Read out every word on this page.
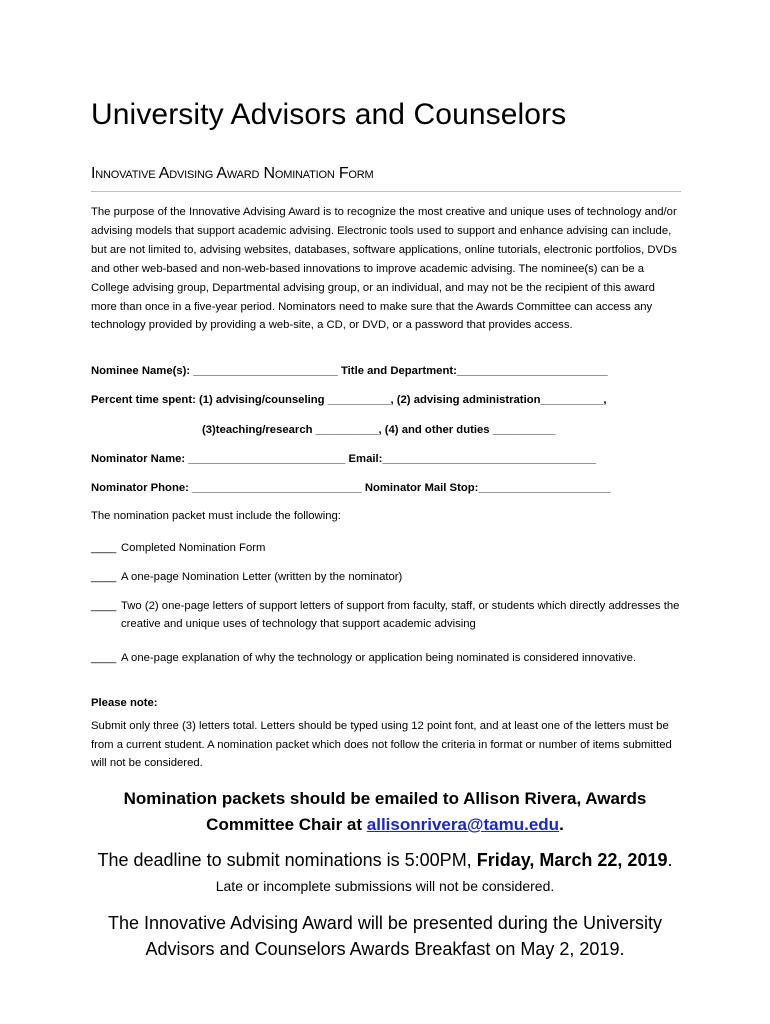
University Advisors and Counselors
Innovative Advising Award Nomination Form
The purpose of the Innovative Advising Award is to recognize the most creative and unique uses of technology and/or advising models that support academic advising. Electronic tools used to support and enhance advising can include, but are not limited to, advising websites, databases, software applications, online tutorials, electronic portfolios, DVDs and other web-based and non-web-based innovations to improve academic advising. The nominee(s) can be a College advising group, Departmental advising group, or an individual, and may not be the recipient of this award more than once in a five-year period. Nominators need to make sure that the Awards Committee can access any technology provided by providing a web-site, a CD, or DVD, or a password that provides access.
Nominee Name(s): _______________________ Title and Department:________________________
Percent time spent: (1) advising/counseling __________, (2) advising administration__________,
(3)teaching/research __________, (4) and other duties __________
Nominator Name: _________________________ Email:__________________________________
Nominator Phone: ___________________________ Nominator Mail Stop:_____________________
The nomination packet must include the following:
____ Completed Nomination Form
____ A one-page Nomination Letter (written by the nominator)
____ Two (2) one-page letters of support letters of support from faculty, staff, or students which directly addresses the creative and unique uses of technology that support academic advising
____ A one-page explanation of why the technology or application being nominated is considered innovative.
Please note:
Submit only three (3) letters total. Letters should be typed using 12 point font, and at least one of the letters must be from a current student. A nomination packet which does not follow the criteria in format or number of items submitted will not be considered.
Nomination packets should be emailed to Allison Rivera, Awards
Committee Chair at allisonrivera@tamu.edu.
The deadline to submit nominations is 5:00PM, Friday, March 22, 2019.
Late or incomplete submissions will not be considered.
The Innovative Advising Award will be presented during the University
Advisors and Counselors Awards Breakfast on May 2, 2019.
